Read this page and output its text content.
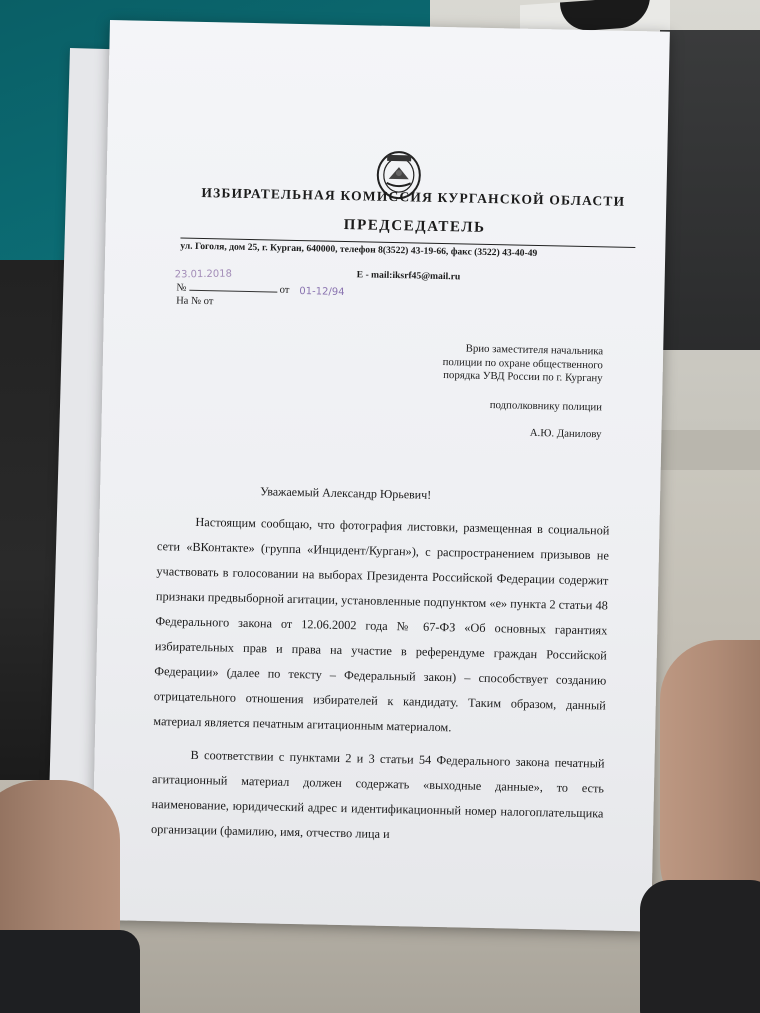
ИЗБИРАТЕЛЬНАЯ КОМИССИЯ КУРГАНСКОЙ ОБЛАСТИ
ПРЕДСЕДАТЕЛЬ
ул. Гоголя, дом 25, г. Курган, 640000, телефон 8(3522) 43-19-66, факс (3522) 43-40-49
E - mail:iksrf45@mail.ru
23.01.2018
№	от 01-12/94
На № от
Врио заместителя начальника
полиции по охране общественного
порядка УВД России по г. Кургану
подполковнику полиции
А.Ю. Данилову
Уважаемый Александр Юрьевич!

Настоящим сообщаю, что фотография листовки, размещенная в социальной сети «ВКонтакте» (группа «Инцидент/Курган»), с распространением призывов не участвовать в голосовании на выборах Президента Российской Федерации содержит признаки предвыборной агитации, установленные подпунктом «е» пункта 2 статьи 48 Федерального закона от 12.06.2002 года № 67-ФЗ «Об основных гарантиях избирательных прав и права на участие в референдуме граждан Российской Федерации» (далее по тексту – Федеральный закон) – способствует созданию отрицательного отношения избирателей к кандидату. Таким образом, данный материал является печатным агитационным материалом.

В соответствии с пунктами 2 и 3 статьи 54 Федерального закона печатный агитационный материал должен содержать «выходные данные», то есть наименование, юридический адрес и идентификационный номер налогоплательщика организации (фамилию, имя, отчество лица и
